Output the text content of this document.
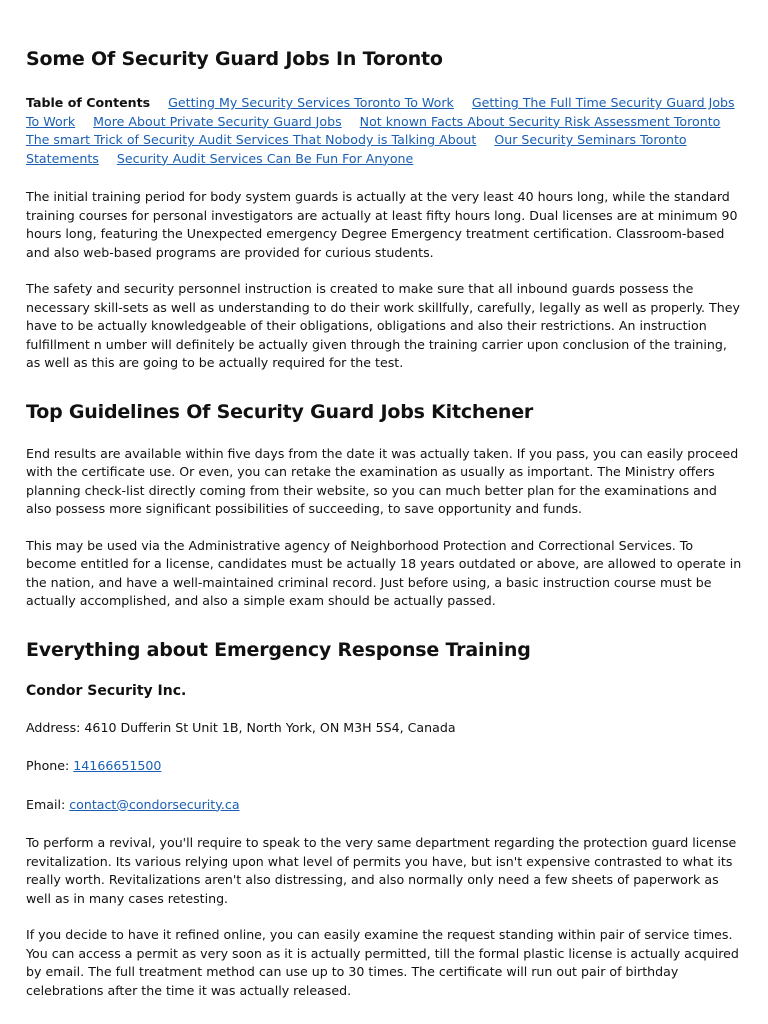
Some Of Security Guard Jobs In Toronto
Table of Contents Getting My Security Services Toronto To Work Getting The Full Time Security Guard Jobs To Work More About Private Security Guard Jobs Not known Facts About Security Risk Assessment Toronto The smart Trick of Security Audit Services That Nobody is Talking About Our Security Seminars Toronto Statements Security Audit Services Can Be Fun For Anyone

The initial training period for body system guards is actually at the very least 40 hours long, while the standard training courses for personal investigators are actually at least fifty hours long. Dual licenses are at minimum 90 hours long, featuring the Unexpected emergency Degree Emergency treatment certification. Classroom-based and also web-based programs are provided for curious students.

The safety and security personnel instruction is created to make sure that all inbound guards possess the necessary skill-sets as well as understanding to do their work skillfully, carefully, legally as well as properly. They have to be actually knowledgeable of their obligations, obligations and also their restrictions. An instruction fulfillment n umber will definitely be actually given through the training carrier upon conclusion of the training, as well as this are going to be actually required for the test.

Top Guidelines Of Security Guard Jobs Kitchener

End results are available within five days from the date it was actually taken. If you pass, you can easily proceed with the certificate use. Or even, you can retake the examination as usually as important. The Ministry offers planning check-list directly coming from their website, so you can much better plan for the examinations and also possess more significant possibilities of succeeding, to save opportunity and funds.

This may be used via the Administrative agency of Neighborhood Protection and Correctional Services. To become entitled for a license, candidates must be actually 18 years outdated or above, are allowed to operate in the nation, and have a well-maintained criminal record. Just before using, a basic instruction course must be actually accomplished, and also a simple exam should be actually passed.

Everything about Emergency Response Training
Condor Security Inc.
Address: 4610 Dufferin St Unit 1B, North York, ON M3H 5S4, Canada
Phone: 14166651500
Email: contact@condorsecurity.ca

To perform a revival, you'll require to speak to the very same department regarding the protection guard license revitalization. Its various relying upon what level of permits you have, but isn't expensive contrasted to what its really worth. Revitalizations aren't also distressing, and also normally only need a few sheets of paperwork as well as in many cases retesting.

If you decide to have it refined online, you can easily examine the request standing within pair of service times. You can access a permit as very soon as it is actually permitted, till the formal plastic license is actually acquired by email. The full treatment method can use up to 30 times. The certificate will run out pair of birthday celebrations after the time it was actually released.
